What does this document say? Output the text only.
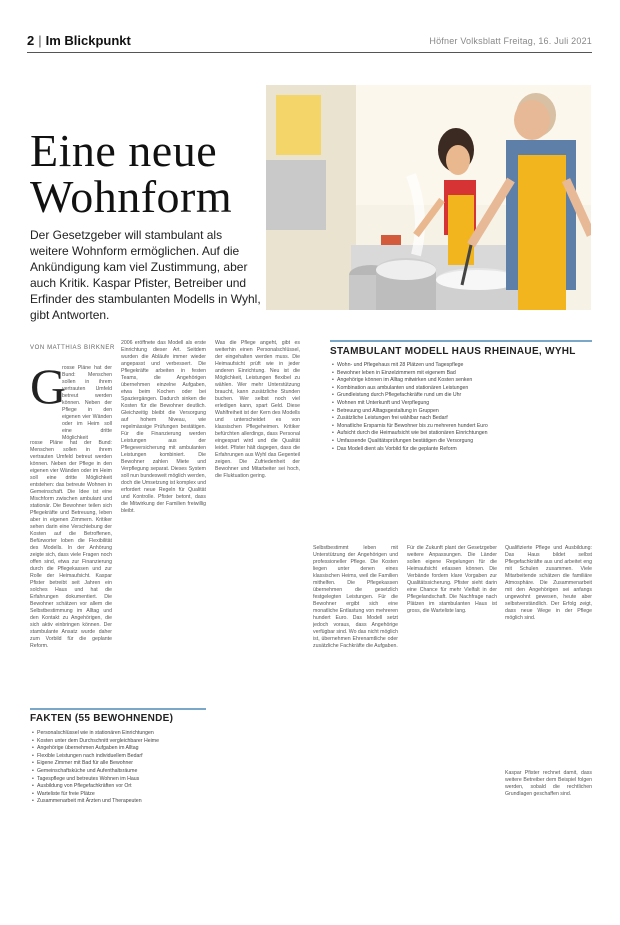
2 | Im Blickpunkt	Höfner Volksblatt Freitag, 16. Juli 2021
Eine neue
Wohnform

Der Gesetzgeber will stambulant als weitere Wohnform ermöglichen. Auf die Ankündigung kam viel Zustimmung, aber auch Kritik. Kaspar Pfister, Betreiber und Erfinder des stambulanten Modells in Wyhl, gibt Antworten.

VON MATTHIAS BIRKNER
G
rosse Pläne hat der Bund: Menschen sollen in ihrem vertrauten Umfeld betreut werden können. Neben der Pflege in den eigenen vier Wänden oder im Heim soll eine dritte Möglichkeit
rosse Pläne hat der Bund: Menschen sollen in ihrem vertrauten Umfeld betreut werden können. Neben der Pflege in den eigenen vier Wänden oder im Heim soll eine dritte Möglichkeit entstehen: das betreute Wohnen in Gemeinschaft. Die Idee ist eine Mischform zwischen ambulant und stationär. Die Bewohner teilen sich Pflegekräfte und Betreuung, leben aber in eigenen Zimmern. Kritiker sehen darin eine Verschiebung der Kosten auf die Betroffenen, Befürworter loben die Flexibilität des Modells. In der Anhörung zeigte sich, dass viele Fragen noch offen sind, etwa zur Finanzierung durch die Pflegekassen und zur Rolle der Heimaufsicht. Kaspar Pfister betreibt seit Jahren ein solches Haus und hat die Erfahrungen dokumentiert. Die Bewohner schätzen vor allem die Selbstbestimmung im Alltag und den Kontakt zu Angehörigen, die sich aktiv einbringen können. Der stambulante Ansatz wurde daher zum Vorbild für die geplante Reform.
2006 eröffnete das Modell als erste Einrichtung dieser Art. Seitdem wurden die Abläufe immer wieder angepasst und verbessert. Die Pflegekräfte arbeiten in festen Teams, die Angehörigen übernehmen einzelne Aufgaben, etwa beim Kochen oder bei Spaziergängen. Dadurch sinken die Kosten für die Bewohner deutlich. Gleichzeitig bleibt die Versorgung auf hohem Niveau, wie regelmässige Prüfungen bestätigen. Für die Finanzierung werden Leistungen aus der Pflegeversicherung mit ambulanten Leistungen kombiniert. Die Bewohner zahlen Miete und Verpflegung separat. Dieses System soll nun bundesweit möglich werden, doch die Umsetzung ist komplex und erfordert neue Regeln für Qualität und Kontrolle. Pfister betont, dass die Mitwirkung der Familien freiwillig bleibt.
Was die Pflege angeht, gibt es weiterhin einen Personalschlüssel, der eingehalten werden muss. Die Heimaufsicht prüft wie in jeder anderen Einrichtung. Neu ist die Möglichkeit, Leistungen flexibel zu wählen. Wer mehr Unterstützung braucht, kann zusätzliche Stunden buchen. Wer selbst noch viel erledigen kann, spart Geld. Diese Wahlfreiheit ist der Kern des Modells und unterscheidet es von klassischen Pflegeheimen. Kritiker befürchten allerdings, dass Personal eingespart wird und die Qualität leidet. Pfister hält dagegen, dass die Erfahrungen aus Wyhl das Gegenteil zeigen. Die Zufriedenheit der Bewohner und Mitarbeiter sei hoch, die Fluktuation gering.
STAMBULANT MODELL HAUS RHEINAUE, WYHL
• Wohn- und Pflegehaus mit 28 Plätzen und Tagespflege
• Bewohner leben in Einzelzimmern mit eigenem Bad
• Angehörige können im Alltag mitwirken und Kosten senken
• Kombination aus ambulanten und stationären Leistungen
• Grundleistung durch Pflegefachkräfte rund um die Uhr
• Wohnen mit Unterkunft und Verpflegung
• Betreuung und Alltagsgestaltung in Gruppen
• Zusätzliche Leistungen frei wählbar nach Bedarf
• Monatliche Ersparnis für Bewohner bis zu mehreren hundert Euro
• Aufsicht durch die Heimaufsicht wie bei stationären Einrichtungen
• Umfassende Qualitätsprüfungen bestätigen die Versorgung
• Das Modell dient als Vorbild für die geplante Reform
Selbstbestimmt leben mit Unterstützung der Angehörigen und professioneller Pflege. Die Kosten liegen unter denen eines klassischen Heims, weil die Familien mithelfen. Die Pflegekassen übernehmen die gesetzlich festgelegten Leistungen. Für die Bewohner ergibt sich eine monatliche Entlastung von mehreren hundert Euro. Das Modell setzt jedoch voraus, dass Angehörige verfügbar sind. Wo das nicht möglich ist, übernehmen Ehrenamtliche oder zusätzliche Fachkräfte die Aufgaben.
Für die Zukunft plant der Gesetzgeber weitere Anpassungen. Die Länder sollen eigene Regelungen für die Heimaufsicht erlassen können. Die Verbände fordern klare Vorgaben zur Qualitätssicherung. Pfister sieht darin eine Chance für mehr Vielfalt in der Pflegelandschaft. Die Nachfrage nach Plätzen im stambulanten Haus ist gross, die Warteliste lang.
Qualifizierte Pflege und Ausbildung: Das Haus bildet selbst Pflegefachkräfte aus und arbeitet eng mit Schulen zusammen. Viele Mitarbeitende schätzen die familiäre Atmosphäre. Die Zusammenarbeit mit den Angehörigen sei anfangs ungewohnt gewesen, heute aber selbstverständlich. Der Erfolg zeigt, dass neue Wege in der Pflege möglich sind.
Kaspar Pfister rechnet damit, dass weitere Betreiber dem Beispiel folgen werden, sobald die rechtlichen Grundlagen geschaffen sind.
FAKTEN (55 BEWOHNENDE)
• Personalschlüssel wie in stationären Einrichtungen
• Kosten unter dem Durchschnitt vergleichbarer Heime
• Angehörige übernehmen Aufgaben im Alltag
• Flexible Leistungen nach individuellem Bedarf
• Eigene Zimmer mit Bad für alle Bewohner
• Gemeinschaftsküche und Aufenthaltsräume
• Tagespflege und betreutes Wohnen im Haus
• Ausbildung von Pflegefachkräften vor Ort
• Warteliste für freie Plätze
• Zusammenarbeit mit Ärzten und Therapeuten
